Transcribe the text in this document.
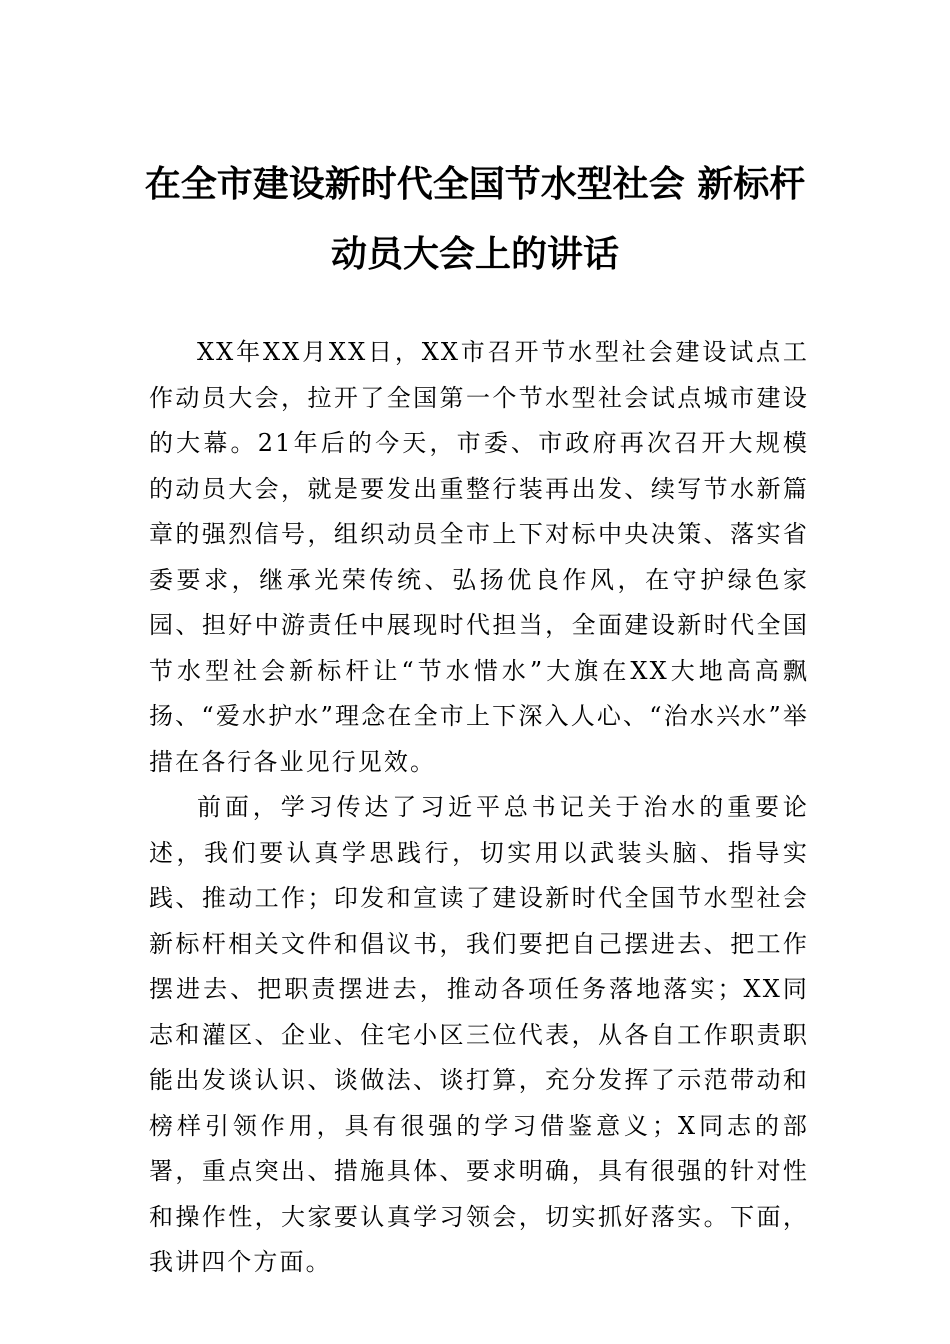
在全市建设新时代全国节水型社会 新标杆
动员大会上的讲话

XX年XX月XX日，XX市召开节水型社会建设试点工作动员大会，拉开了全国第一个节水型社会试点城市建设的大幕。21年后的今天，市委、市政府再次召开大规模的动员大会，就是要发出重整行装再出发、续写节水新篇章的强烈信号，组织动员全市上下对标中央决策、落实省委要求，继承光荣传统、弘扬优良作风，在守护绿色家园、担好中游责任中展现时代担当，全面建设新时代全国节水型社会新标杆让“节水惜水”大旗在XX大地高高飘扬、“爱水护水”理念在全市上下深入人心、“治水兴水”举措在各行各业见行见效。

前面，学习传达了习近平总书记关于治水的重要论述，我们要认真学思践行，切实用以武装头脑、指导实践、推动工作；印发和宣读了建设新时代全国节水型社会新标杆相关文件和倡议书，我们要把自己摆进去、把工作摆进去、把职责摆进去，推动各项任务落地落实；XX同志和灌区、企业、住宅小区三位代表，从各自工作职责职能出发谈认识、谈做法、谈打算，充分发挥了示范带动和榜样引领作用，具有很强的学习借鉴意义；X同志的部署，重点突出、措施具体、要求明确，具有很强的针对性和操作性，大家要认真学习领会，切实抓好落实。下面，我讲四个方面。
